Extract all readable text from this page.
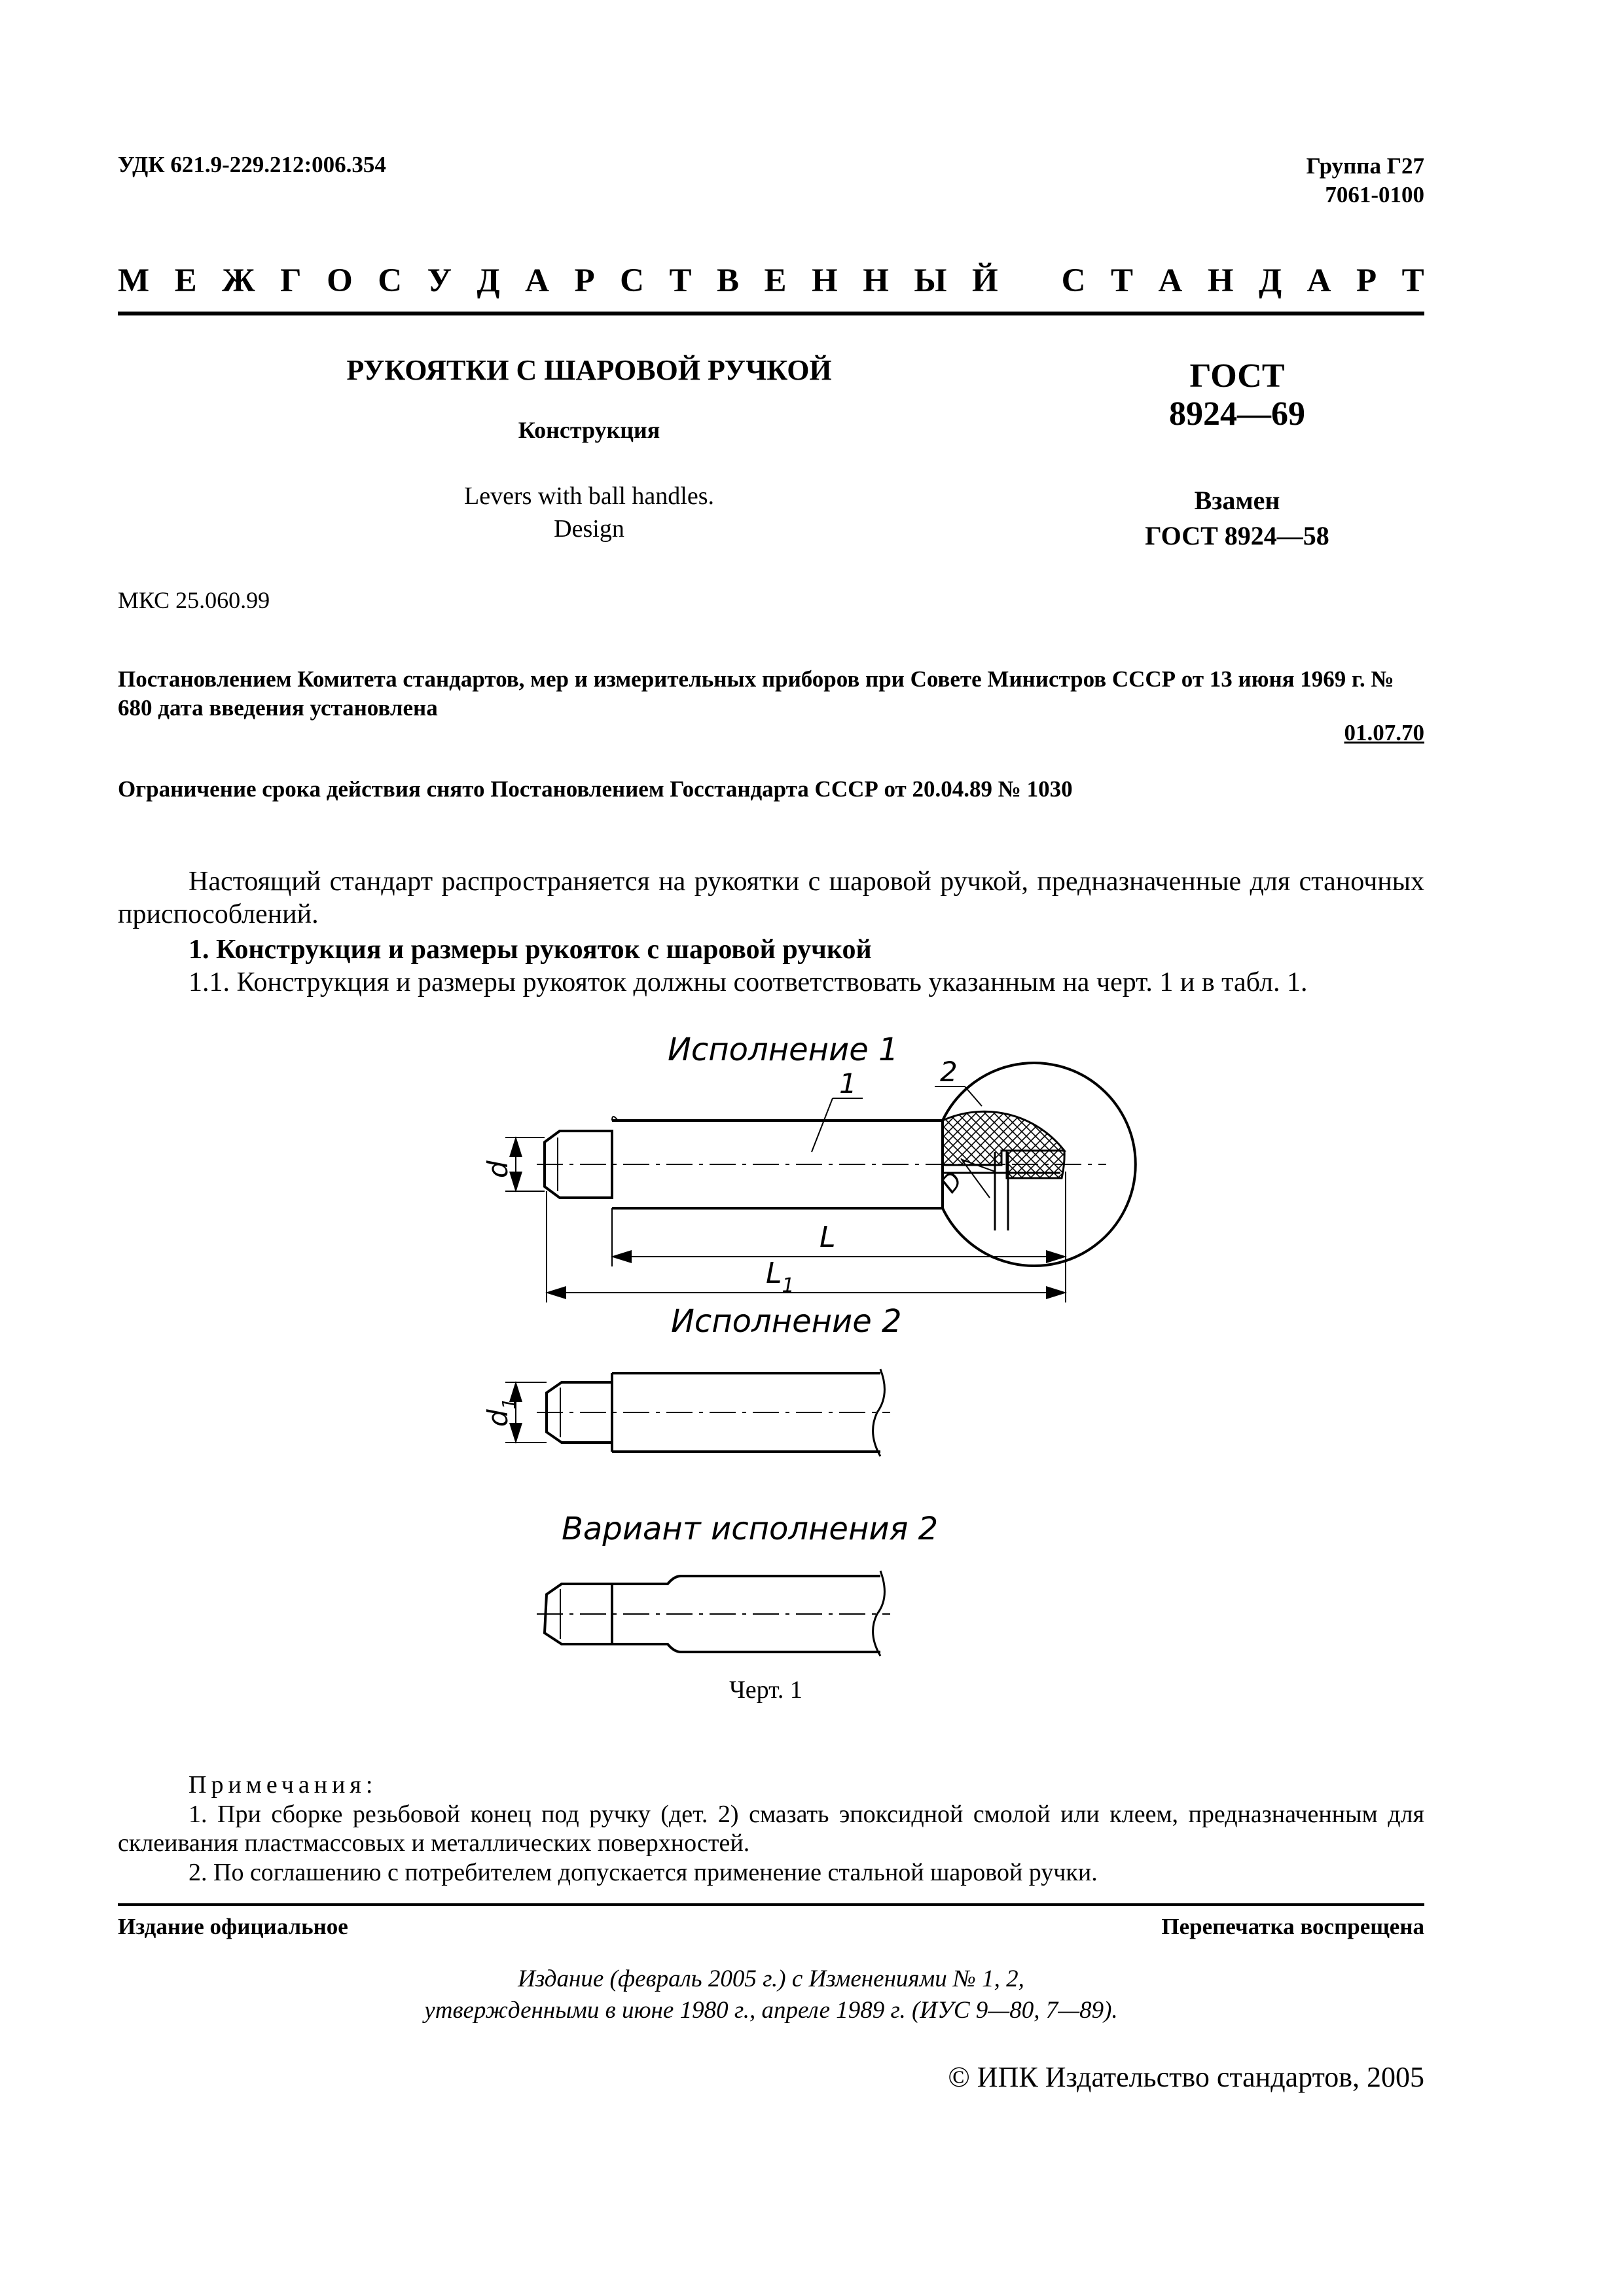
УДК 621.9-229.212:006.354	Группа Г27
7061-0100
М Е Ж Г О С У Д А Р С Т В Е Н Н Ы Й С Т А Н Д А Р Т
РУКОЯТКИ С ШАРОВОЙ РУЧКОЙ
Конструкция
Levers with ball handles.
Design
ГОСТ
8924—69
Взамен
ГОСТ 8924—58
МКС 25.060.99
Постановлением Комитета стандартов, мер и измерительных приборов при Совете Министров СССР от 13 июня 1969 г. № 680 дата введения установлена
01.07.70
Ограничение срока действия снято Постановлением Госстандарта СССР от 20.04.89 № 1030
Настоящий стандарт распространяется на рукоятки с шаровой ручкой, предназначенные для станочных приспособлений.
1. Конструкция и размеры рукояток с шаровой ручкой
1.1. Конструкция и размеры рукояток должны соответствовать указанным на черт. 1 и в табл. 1.
Исполнение 1
1	2
D
d
L
$L_1$
Исполнение 2
$d_1$
Вариант исполнения 2
Черт. 1
Примечания:
1. При сборке резьбовой конец под ручку (дет. 2) смазать эпоксидной смолой или клеем, предназначенным для склеивания пластмассовых и металлических поверхностей.
2. По соглашению с потребителем допускается применение стальной шаровой ручки.
Издание официальное	Перепечатка воспрещена
Издание (февраль 2005 г.) с Изменениями № 1, 2,
утвержденными в июне 1980 г., апреле 1989 г. (ИУС 9—80, 7—89).
© ИПК Издательство стандартов, 2005
